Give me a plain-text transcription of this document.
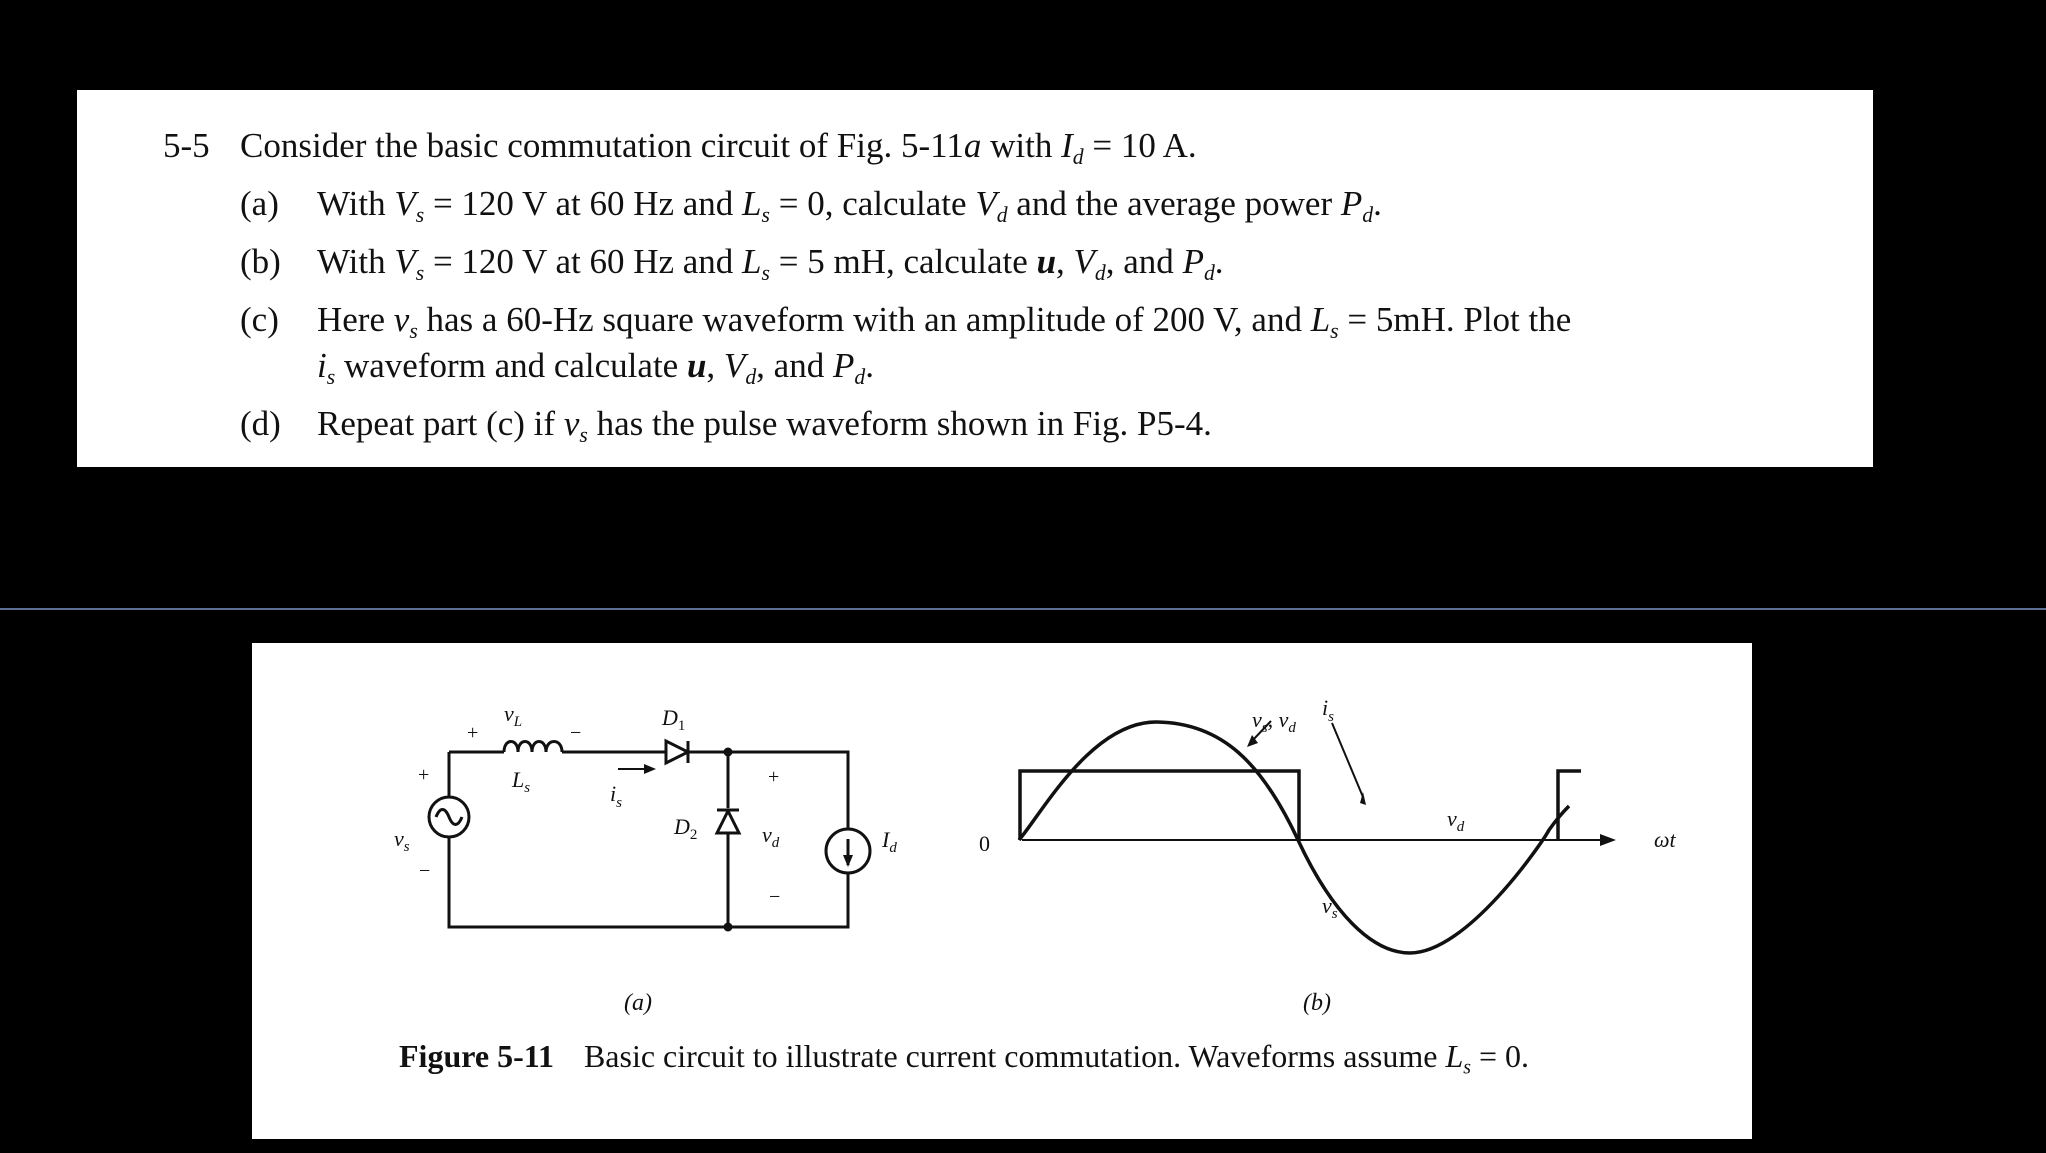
5-5 Consider the basic commutation circuit of Fig. 5-11a with $I_d = 10$ A.
(a) With $V_s = 120$ V at 60 Hz and $L_s = 0$, calculate $V_d$ and the average power $P_d$.
(b) With $V_s = 120$ V at 60 Hz and $L_s = 5$ mH, calculate u, $V_d$, and $P_d$.
(c) Here $v_s$ has a 60-Hz square waveform with an amplitude of 200 V, and $L_s = 5mH$. Plot the
$i_s$ waveform and calculate u, $V_d$, and $P_d$.
(d) Repeat part (c) if $v_s$ has the pulse waveform shown in Fig. P5-4.
$v_L$
+	−
$L_s$	$i_s$
$D_1$
$D_2$
+
−
$v_s$
+
$v_d$
−
$I_d$
(a)
0
$v_s$, $v_d$
$i_s$
$v_d$
$v_s$
ωt
(b)
Figure 5-11 Basic circuit to illustrate current commutation. Waveforms assume $L_s = 0$.
